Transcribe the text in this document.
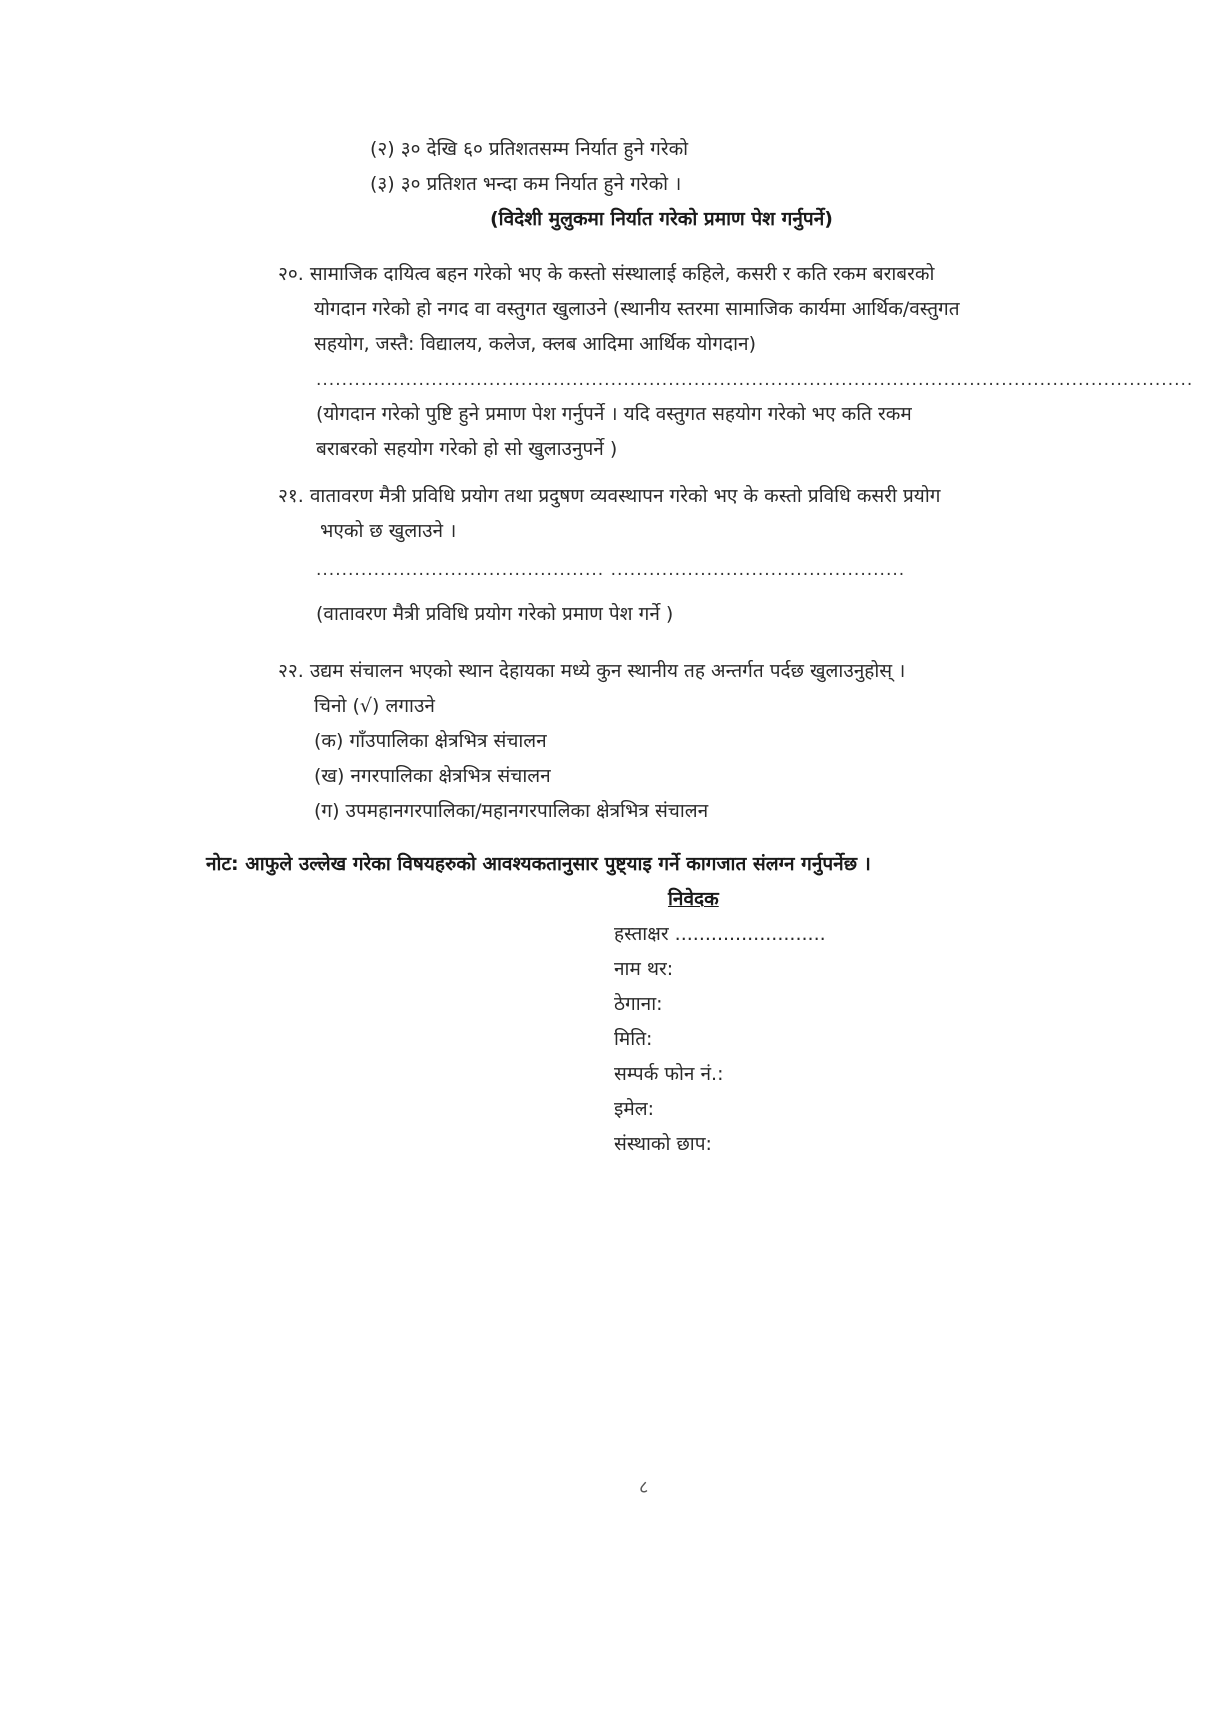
(२) ३० देखि ६० प्रतिशतसम्म निर्यात हुने गरेको
(३) ३० प्रतिशत भन्दा कम निर्यात हुने गरेको ।
(विदेशी मुलुकमा निर्यात गरेको प्रमाण पेश गर्नुपर्ने)
२०. सामाजिक दायित्व बहन गरेको भए के कस्तो संस्थालाई कहिले, कसरी र कति रकम बराबरको
योगदान गरेको हो नगद वा वस्तुगत खुलाउने (स्थानीय स्तरमा सामाजिक कार्यमा आर्थिक/वस्तुगत
सहयोग, जस्तै: विद्यालय, कलेज, क्लब आदिमा आर्थिक योगदान)
.........................................................................................................................................
(योगदान गरेको पुष्टि हुने प्रमाण पेश गर्नुपर्ने । यदि वस्तुगत सहयोग गरेको भए कति रकम
बराबरको सहयोग गरेको हो सो खुलाउनुपर्ने )
२१. वातावरण मैत्री प्रविधि प्रयोग तथा प्रदुषण व्यवस्थापन गरेको भए के कस्तो प्रविधि कसरी प्रयोग
भएको छ खुलाउने ।
............................................. ..............................................
(वातावरण मैत्री प्रविधि प्रयोग गरेको प्रमाण पेश गर्ने )
२२. उद्यम संचालन भएको स्थान देहायका मध्ये कुन स्थानीय तह अन्तर्गत पर्दछ खुलाउनुहोस् ।
चिनो (√) लगाउने
(क) गाँउपालिका क्षेत्रभित्र संचालन
(ख) नगरपालिका क्षेत्रभित्र संचालन
(ग) उपमहानगरपालिका/महानगरपालिका क्षेत्रभित्र संचालन
नोट: आफुले उल्लेख गरेका विषयहरुको आवश्यकतानुसार पुष्ट्याइ गर्ने कागजात संलग्न गर्नुपर्नेछ ।
निवेदक
हस्ताक्षर .........................
नाम थर:
ठेगाना:
मिति:
सम्पर्क फोन नं.:
इमेल:
संस्थाको छाप:
८
